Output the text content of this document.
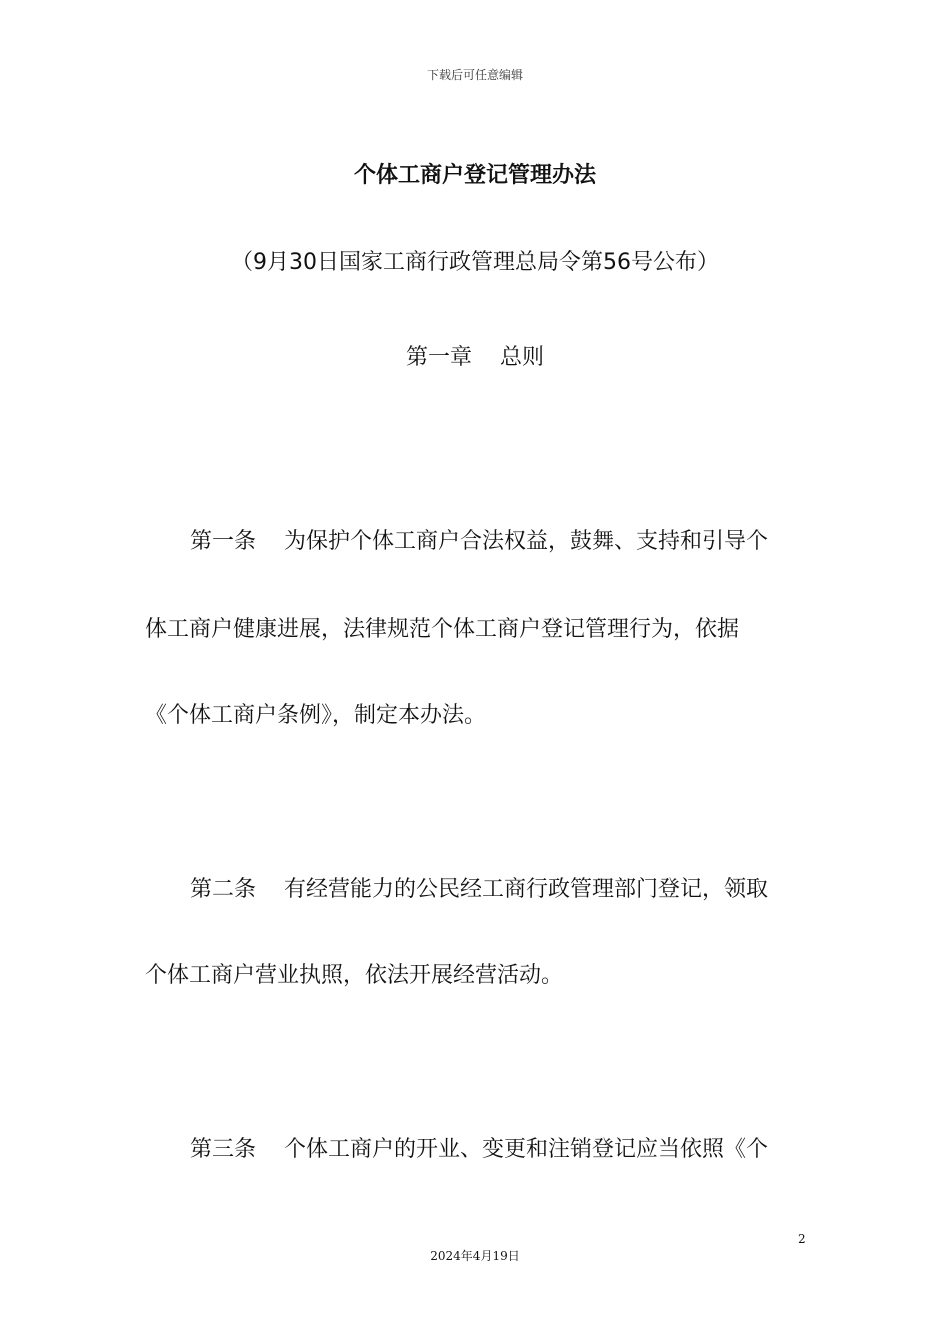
下载后可任意编辑
个体工商户登记管理办法
（9月30日国家工商行政管理总局令第56号公布）
第一章    总则
第一条    为保护个体工商户合法权益，鼓舞、支持和引导个
体工商户健康进展，法律规范个体工商户登记管理行为，依据
《个体工商户条例》，制定本办法。
第二条    有经营能力的公民经工商行政管理部门登记，领取
个体工商户营业执照，依法开展经营活动。
第三条    个体工商户的开业、变更和注销登记应当依照《个
2
2024年4月19日
